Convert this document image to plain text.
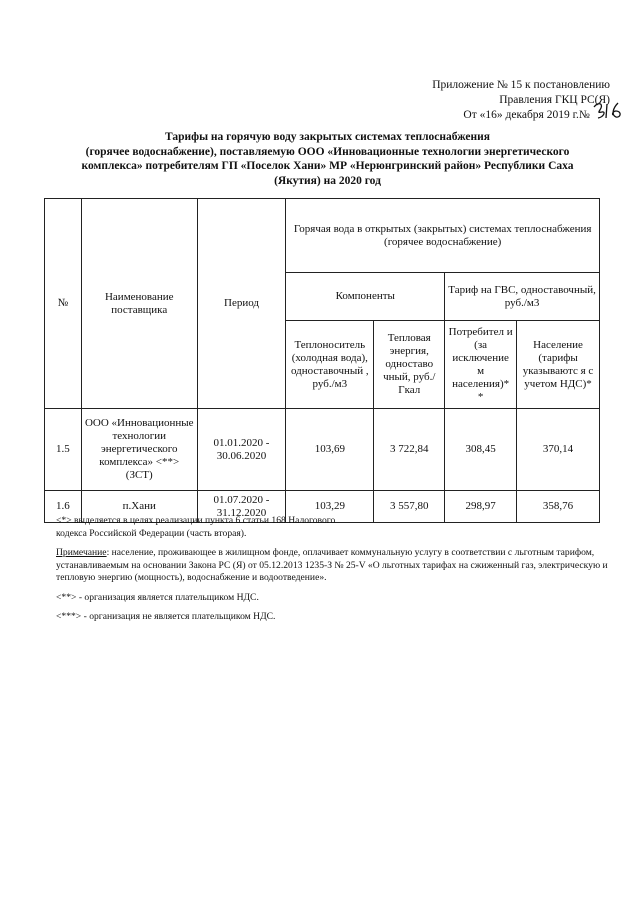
Приложение № 15 к постановлению
Правления ГКЦ РС(Я)
От «16» декабря 2019 г.№
Тарифы на горячую воду закрытых системах теплоснабжения
(горячее водоснабжение), поставляемую ООО «Инновационные технологии энергетического
комплекса» потребителям ГП «Поселок Хани» МР «Нерюнгринский район» Республики Саха
(Якутия) на 2020 год
№	Наименование поставщика	Период	Горячая вода в открытых (закрытых) системах теплоснабжения (горячее водоснабжение)			
			Компоненты		Тариф на ГВС, одноставочный, руб./м3	
			Теплоноситель (холодная вода), одноставочный , руб./м3	Тепловая энергия, одноставо чный, руб./Гкал	Потребител и (за исключение м населения)* *	Население (тарифы указываютс я с учетом НДС)*
1.5	ООО «Инновационные технологии энергетического комплекса» <**> (ЗСТ)	01.01.2020 - 30.06.2020	103,69	3 722,84	308,45	370,14
1.6	п.Хани	01.07.2020 - 31.12.2020	103,29	3 557,80	298,97	358,76

<*> выделяется в целях реализации пункта 6 статьи 168 Налогового
кодекса Российской Федерации (часть вторая).

Примечание: население, проживающее в жилищном фонде, оплачивает коммунальную услугу в соответствии с льготным тарифом, устанавливаемым на основании Закона РС (Я) от 05.12.2013 1235-З № 25-V «О льготных тарифах на сжиженный газ, электрическую и тепловую энергию (мощность), водоснабжение и водоотведение».

<**> - организация является плательщиком НДС.

<***> - организация не является плательщиком НДС.
